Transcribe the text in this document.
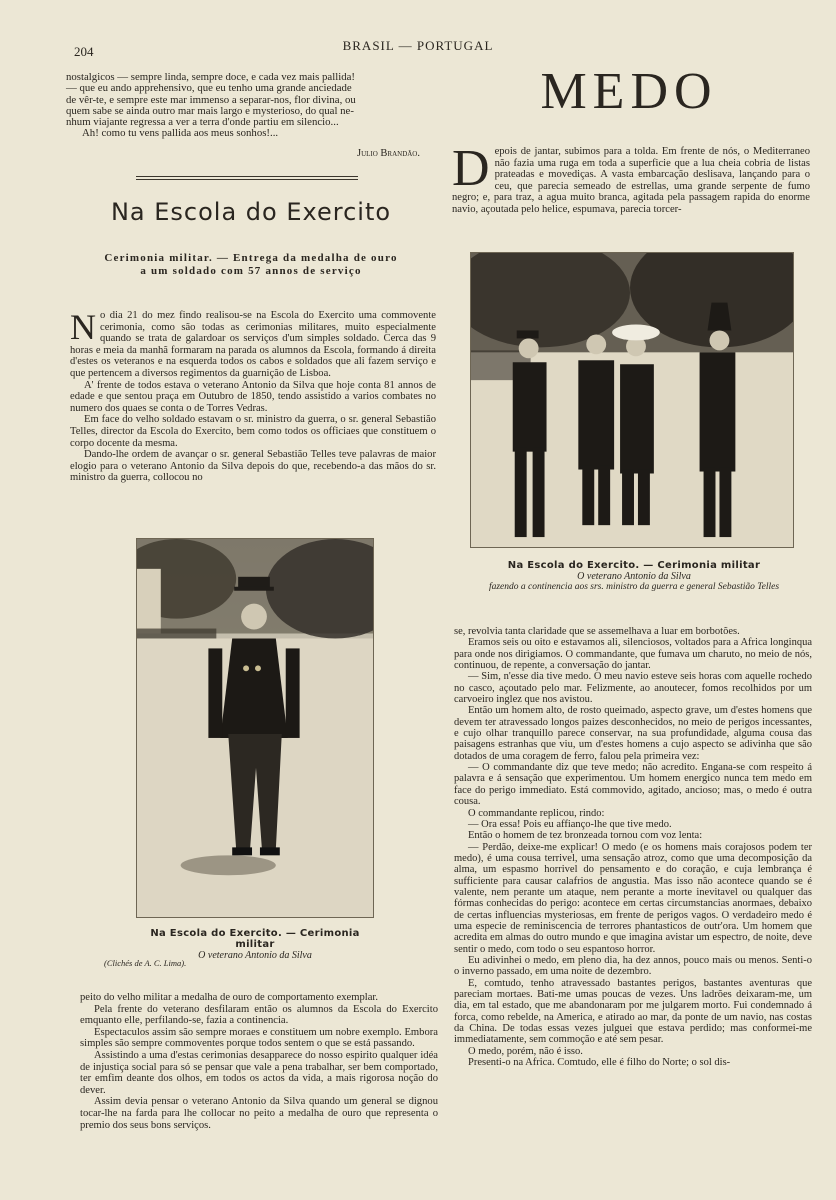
204	BRASIL — PORTUGAL
nostalgicos — sempre linda, sempre doce, e cada vez mais pallida!
— que eu ando apprehensivo, que eu tenho uma grande anciedade
de vêr-te, e sempre este mar immenso a separar-nos, flor divina, ou
quem sabe se ainda outro mar mais largo e mysterioso, do qual ne-
nhum viajante regressa a ver a terra d'onde partiu em silencio...
Ah! como tu vens pallida aos meus sonhos!...
Julio Brandão.
Na Escola do Exercito
Cerimonia militar. — Entrega da medalha de ouro
a um soldado com 57 annos de serviço

No dia 21 do mez findo realisou-se na Escola do Exercito uma commovente cerimonia, como são todas as cerimonias militares, muito especialmente quando se trata de galardoar os serviços d'um simples soldado. Cerca das 9 horas e meia da manhã formaram na parada os alumnos da Escola, formando á direita d'estes os veteranos e na esquerda todos os cabos e soldados que ali fazem serviço e que pertencem a diversos regimentos da guarnição de Lisboa.

A' frente de todos estava o veterano Antonio da Silva que hoje conta 81 annos de edade e que sentou praça em Outubro de 1850, tendo assistido a varios combates no numero dos quaes se conta o de Torres Vedras.

Em face do velho soldado estavam o sr. ministro da guerra, o sr. general Sebastião Telles, director da Escola do Exercito, bem como todos os officiaes que constituem o corpo docente da mesma.

Dando-lhe ordem de avançar o sr. general Sebastião Telles teve palavras de maior elogio para o veterano Antonio da Silva depois do que, recebendo-a das mãos do sr. ministro da guerra, collocou no

Na Escola do Exercito. — Cerimonia militar
O veterano Antonio da Silva
(Clichés de A. C. Lima).

peito do velho militar a medalha de ouro de comportamento exemplar.

Pela frente do veterano desfilaram então os alumnos da Escola do Exercito emquanto elle, perfilando-se, fazia a continencia.

Espectaculos assim são sempre moraes e constituem um nobre exemplo. Embora simples são sempre commoventes porque todos sentem o que se está passando.

Assistindo a uma d'estas cerimonias desapparece do nosso espirito qualquer idéa de injustiça social para só se pensar que vale a pena trabalhar, ser bem comportado, ter emfim deante dos olhos, em todos os actos da vida, a mais rigorosa noção do dever.

Assim devia pensar o veterano Antonio da Silva quando um general se dignou tocar-lhe na farda para lhe collocar no peito a medalha de ouro que representa o premio dos seus bons serviços.

MEDO

Depois de jantar, subimos para a tolda. Em frente de nós, o Mediterraneo não fazia uma ruga em toda a superficie que a lua cheia cobria de listas prateadas e movediças. A vasta embarcação deslisava, lançando para o ceu, que parecia semeado de estrellas, uma grande serpente de fumo negro; e, para traz, a agua muito branca, agitada pela passagem rapida do enorme navio, açoutada pelo helice, espumava, parecia torcer-

Na Escola do Exercito. — Cerimonia militar
O veterano Antonio da Silva
fazendo a continencia aos srs. ministro da guerra e general Sebastião Telles

se, revolvia tanta claridade que se assemelhava a luar em borbotões.

Eramos seis ou oito e estavamos ali, silenciosos, voltados para a Africa longinqua para onde nos dirigiamos. O commandante, que fumava um charuto, no meio de nós, continuou, de repente, a conversação do jantar.

— Sim, n'esse dia tive medo. O meu navio esteve seis horas com aquelle rochedo no casco, açoutado pelo mar. Felizmente, ao anoutecer, fomos recolhidos por um carvoeiro inglez que nos avistou.

Então um homem alto, de rosto queimado, aspecto grave, um d'estes homens que devem ter atravessado longos paizes desconhecidos, no meio de perigos incessantes, e cujo olhar tranquillo parece conservar, na sua profundidade, alguma cousa das paisagens estranhas que viu, um d'estes homens a cujo aspecto se adivinha que são dotados de uma coragem de ferro, falou pela primeira vez:

— O commandante diz que teve medo; não acredito. Engana-se com respeito á palavra e á sensação que experimentou. Um homem energico nunca tem medo em face do perigo immediato. Está commovido, agitado, ancioso; mas, o medo é outra cousa.

O commandante replicou, rindo:

— Ora essa! Pois eu affianço-lhe que tive medo.

Então o homem de tez bronzeada tornou com voz lenta:

— Perdão, deixe-me explicar! O medo (e os homens mais corajosos podem ter medo), é uma cousa terrivel, uma sensação atroz, como que uma decomposição da alma, um espasmo horrivel do pensamento e do coração, e cuja lembrança é sufficiente para causar calafrios de angustia. Mas isso não acontece quando se é valente, nem perante um ataque, nem perante a morte inevitavel ou qualquer das fórmas conhecidas do perigo: acontece em certas circumstancias anormaes, debaixo de certas influencias mysteriosas, em frente de perigos vagos. O verdadeiro medo é uma especie de reminiscencia de terrores phantasticos de outr'ora. Um homem que acredita em almas do outro mundo e que imagina avistar um espectro, de noite, deve sentir o medo, com todo o seu espantoso horror.

Eu adivinhei o medo, em pleno dia, ha dez annos, pouco mais ou menos. Senti-o o inverno passado, em uma noite de dezembro.

E, comtudo, tenho atravessado bastantes perigos, bastantes aventuras que pareciam mortaes. Bati-me umas poucas de vezes. Uns ladrões deixaram-me, um dia, em tal estado, que me abandonaram por me julgarem morto. Fui condemnado á forca, como rebelde, na America, e atirado ao mar, da ponte de um navio, nas costas da China. De todas essas vezes julguei que estava perdido; mas conformei-me immediatamente, sem commoção e até sem pesar.

O medo, porém, não é isso.

Presenti-o na Africa. Comtudo, elle é filho do Norte; o sol dis-
